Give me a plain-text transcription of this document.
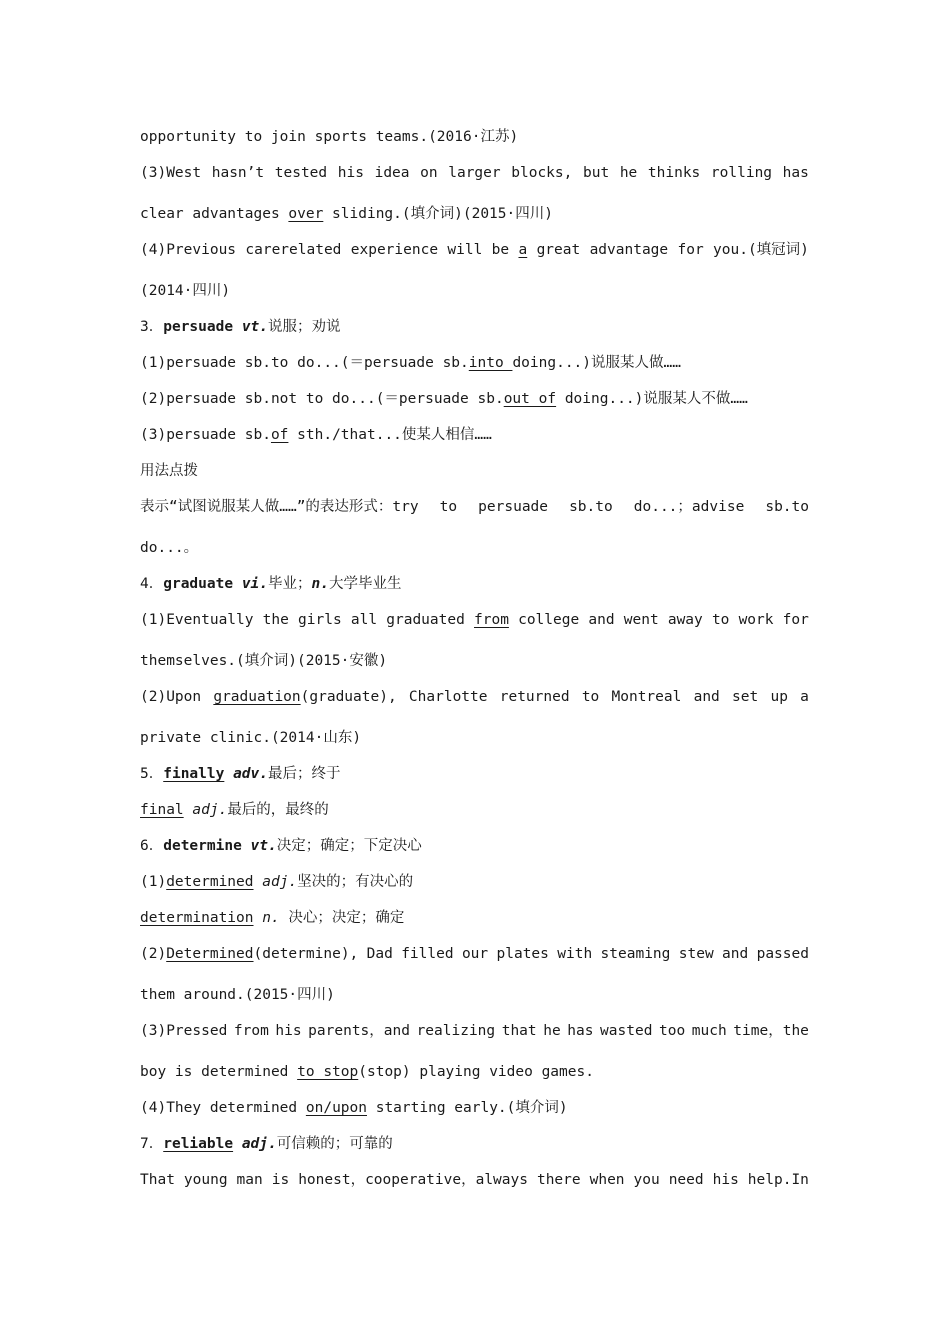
opportunity to join sports teams.(2016·江苏)
(3)West hasn’t tested his idea on larger blocks, but he thinks rolling has
clear advantages over sliding.(填介词)(2015·四川)
(4)Previous carerelated experience will be a great advantage for you.(填冠词)
(2014·四川)
3．persuade vt.说服；劝说
(1)persuade sb.to do...(＝persuade sb.into doing...)说服某人做……
(2)persuade sb.not to do...(＝persuade sb.out of doing...)说服某人不做……
(3)persuade sb.of sth./that...使某人相信……
用法点拨
表示“试图说服某人做……”的表达形式：try to persuade sb.to do...；advise sb.to
do...。
4．graduate vi.毕业；n.大学毕业生
(1)Eventually the girls all graduated from college and went away to work for
themselves.(填介词)(2015·安徽)
(2)Upon graduation(graduate), Charlotte returned to Montreal and set up a
private clinic.(2014·山东)
5．finally adv.最后；终于
final adj.最后的，最终的
6．determine vt.决定；确定；下定决心
(1)determined adj.坚决的；有决心的
determination n. 决心；决定；确定
(2)Determined(determine), Dad filled our plates with steaming stew and passed
them around.(2015·四川)
(3)Pressed from his parents，and realizing that he has wasted too much time，the
boy is determined to stop(stop) playing video games.
(4)They determined on/upon starting early.(填介词)
7．reliable adj.可信赖的；可靠的
That young man is honest，cooperative，always there when you need his help.In
